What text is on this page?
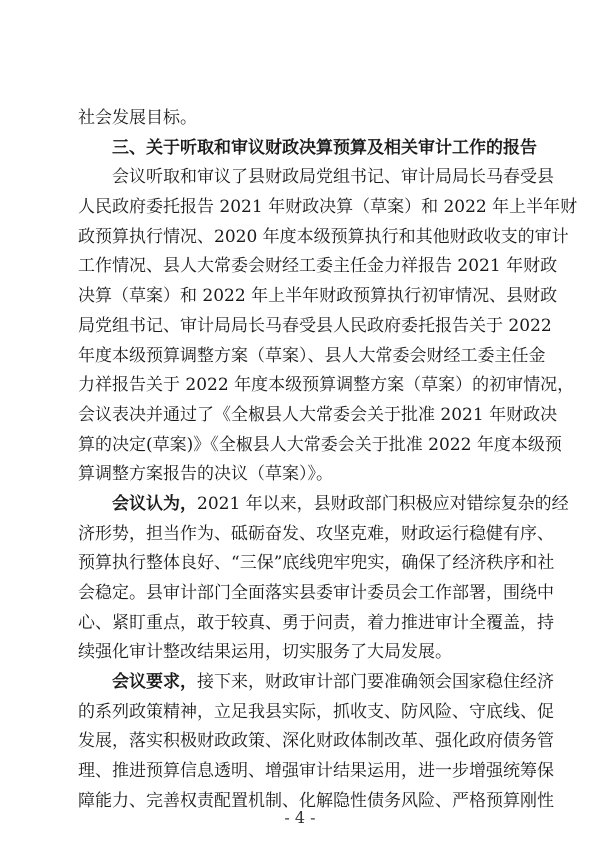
社会发展目标。
三、关于听取和审议财政决算预算及相关审计工作的报告
会议听取和审议了县财政局党组书记、审计局局长马春受县
人民政府委托报告 2021 年财政决算（草案）和 2022 年上半年财
政预算执行情况、2020 年度本级预算执行和其他财政收支的审计
工作情况、县人大常委会财经工委主任金力祥报告 2021 年财政
决算（草案）和 2022 年上半年财政预算执行初审情况、县财政
局党组书记、审计局局长马春受县人民政府委托报告关于 2022
年度本级预算调整方案（草案）、县人大常委会财经工委主任金
力祥报告关于 2022 年度本级预算调整方案（草案）的初审情况，
会议表决并通过了《全椒县人大常委会关于批准 2021 年财政决
算的决定(草案)》《全椒县人大常委会关于批准 2022 年度本级预
算调整方案报告的决议（草案）》。
会议认为，2021 年以来，县财政部门积极应对错综复杂的经
济形势，担当作为、砥砺奋发、攻坚克难，财政运行稳健有序、
预算执行整体良好、“三保”底线兜牢兜实，确保了经济秩序和社
会稳定。县审计部门全面落实县委审计委员会工作部署，围绕中
心、紧盯重点，敢于较真、勇于问责，着力推进审计全覆盖，持
续强化审计整改结果运用，切实服务了大局发展。
会议要求，接下来，财政审计部门要准确领会国家稳住经济
的系列政策精神，立足我县实际，抓收支、防风险、守底线、促
发展，落实积极财政政策、深化财政体制改革、强化政府债务管
理、推进预算信息透明、增强审计结果运用，进一步增强统筹保
障能力、完善权责配置机制、化解隐性债务风险、严格预算刚性
- 4 -
